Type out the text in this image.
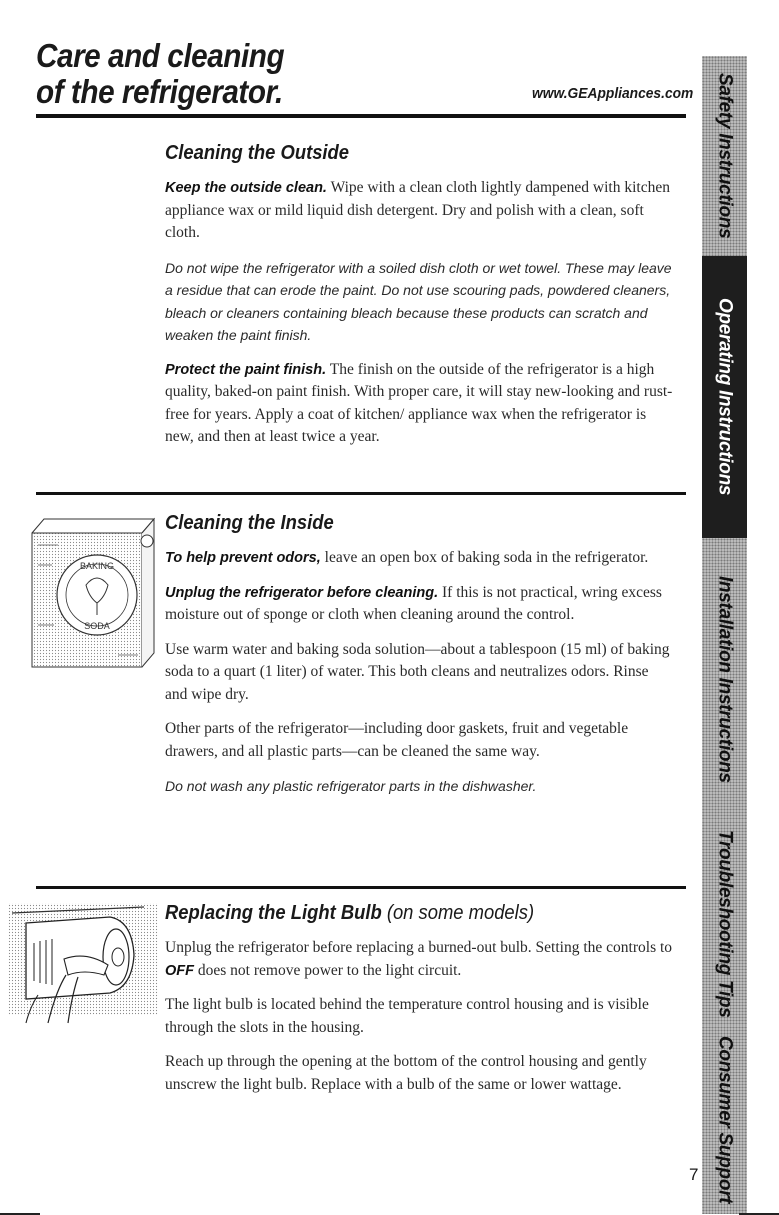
Care and cleaning
of the refrigerator.	www.GEAppliances.com
Cleaning the Outside

Keep the outside clean. Wipe with a clean cloth lightly dampened with kitchen appliance wax or mild liquid dish detergent. Dry and polish with a clean, soft cloth.

Do not wipe the refrigerator with a soiled dish cloth or wet towel. These may leave a residue that can erode the paint. Do not use scouring pads, powdered cleaners, bleach or cleaners containing bleach because these products can scratch and weaken the paint finish.

Protect the paint finish. The finish on the outside of the refrigerator is a high quality, baked-on paint finish. With proper care, it will stay new-looking and rust-free for years. Apply a coat of kitchen/ appliance wax when the refrigerator is new, and then at least twice a year.

BAKING
SODA
Cleaning the Inside

To help prevent odors, leave an open box of baking soda in the refrigerator.

Unplug the refrigerator before cleaning. If this is not practical, wring excess moisture out of sponge or cloth when cleaning around the control.

Use warm water and baking soda solution—about a tablespoon (15 ml) of baking soda to a quart (1 liter) of water. This both cleans and neutralizes odors. Rinse and wipe dry.

Other parts of the refrigerator—including door gaskets, fruit and vegetable drawers, and all plastic parts—can be cleaned the same way.

Do not wash any plastic refrigerator parts in the dishwasher.

Replacing the Light Bulb (on some models)

Unplug the refrigerator before replacing a burned-out bulb. Setting the controls to OFF does not remove power to the light circuit.

The light bulb is located behind the temperature control housing and is visible through the slots in the housing.

Reach up through the opening at the bottom of the control housing and gently unscrew the light bulb. Replace with a bulb of the same or lower wattage.

7
Safety Instructions
Operating Instructions
Installation Instructions
Troubleshooting Tips
Consumer Support
